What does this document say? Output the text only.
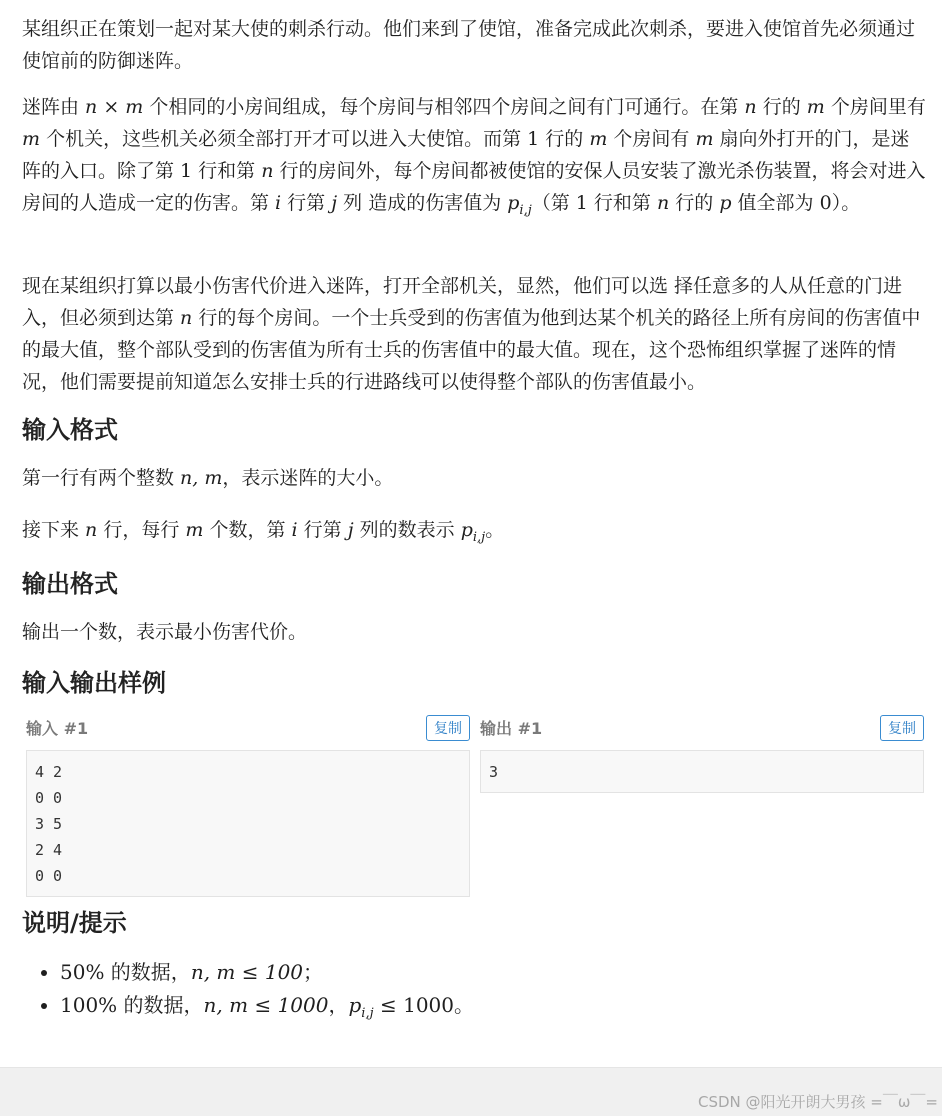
某组织正在策划一起对某大使的刺杀行动。他们来到了使馆，准备完成此次刺杀，要进入使馆首先必须通过使馆前的防御迷阵。

迷阵由 n × m 个相同的小房间组成，每个房间与相邻四个房间之间有门可通行。在第 n 行的 m 个房间里有 m 个机关，这些机关必须全部打开才可以进入大使馆。而第 1 行的 m 个房间有 m 扇向外打开的门，是迷阵的入口。除了第 1 行和第 n 行的房间外，每个房间都被使馆的安保人员安装了激光杀伤装置，将会对进入房间的人造成一定的伤害。第 i 行第 j 列 造成的伤害值为 $p_{i,j}$（第 1 行和第 n 行的 p 值全部为 0）。

现在某组织打算以最小伤害代价进入迷阵，打开全部机关，显然，他们可以选 择任意多的人从任意的门进入，但必须到达第 n 行的每个房间。一个士兵受到的伤害值为他到达某个机关的路径上所有房间的伤害值中的最大值，整个部队受到的伤害值为所有士兵的伤害值中的最大值。现在，这个恐怖组织掌握了迷阵的情况，他们需要提前知道怎么安排士兵的行进路线可以使得整个部队的伤害值最小。

输入格式

第一行有两个整数 n, m，表示迷阵的大小。

接下来 n 行，每行 m 个数，第 i 行第 j 列的数表示 $p_{i,j}$。

输出格式

输出一个数，表示最小伤害代价。

输入输出样例
输入 #1	复制
4 2
0 0
3 5
2 4
0 0
输出 #1	复制
3
说明/提示
• 50% 的数据，n, m ≤ 100；
• 100% 的数据，n, m ≤ 1000，$p_{i,j} \le 1000$。
CSDN @阳光开朗大男孩 =￣ω￣=
